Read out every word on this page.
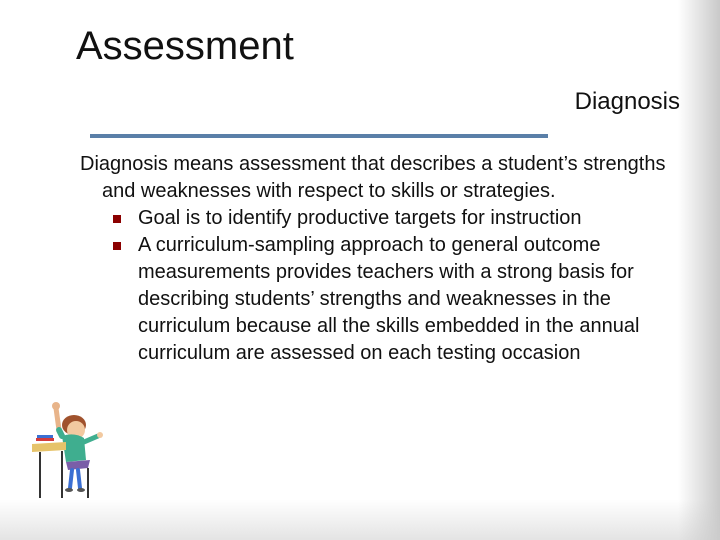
Assessment
Diagnosis

Diagnosis means assessment that describes a student’s strengths and weaknesses with respect to skills or strategies.

Goal is to identify productive targets for instruction
A curriculum-sampling approach to general outcome measurements provides teachers with a strong basis for describing students’ strengths and weaknesses in the curriculum because all the skills embedded in the annual curriculum are assessed on each testing occasion
